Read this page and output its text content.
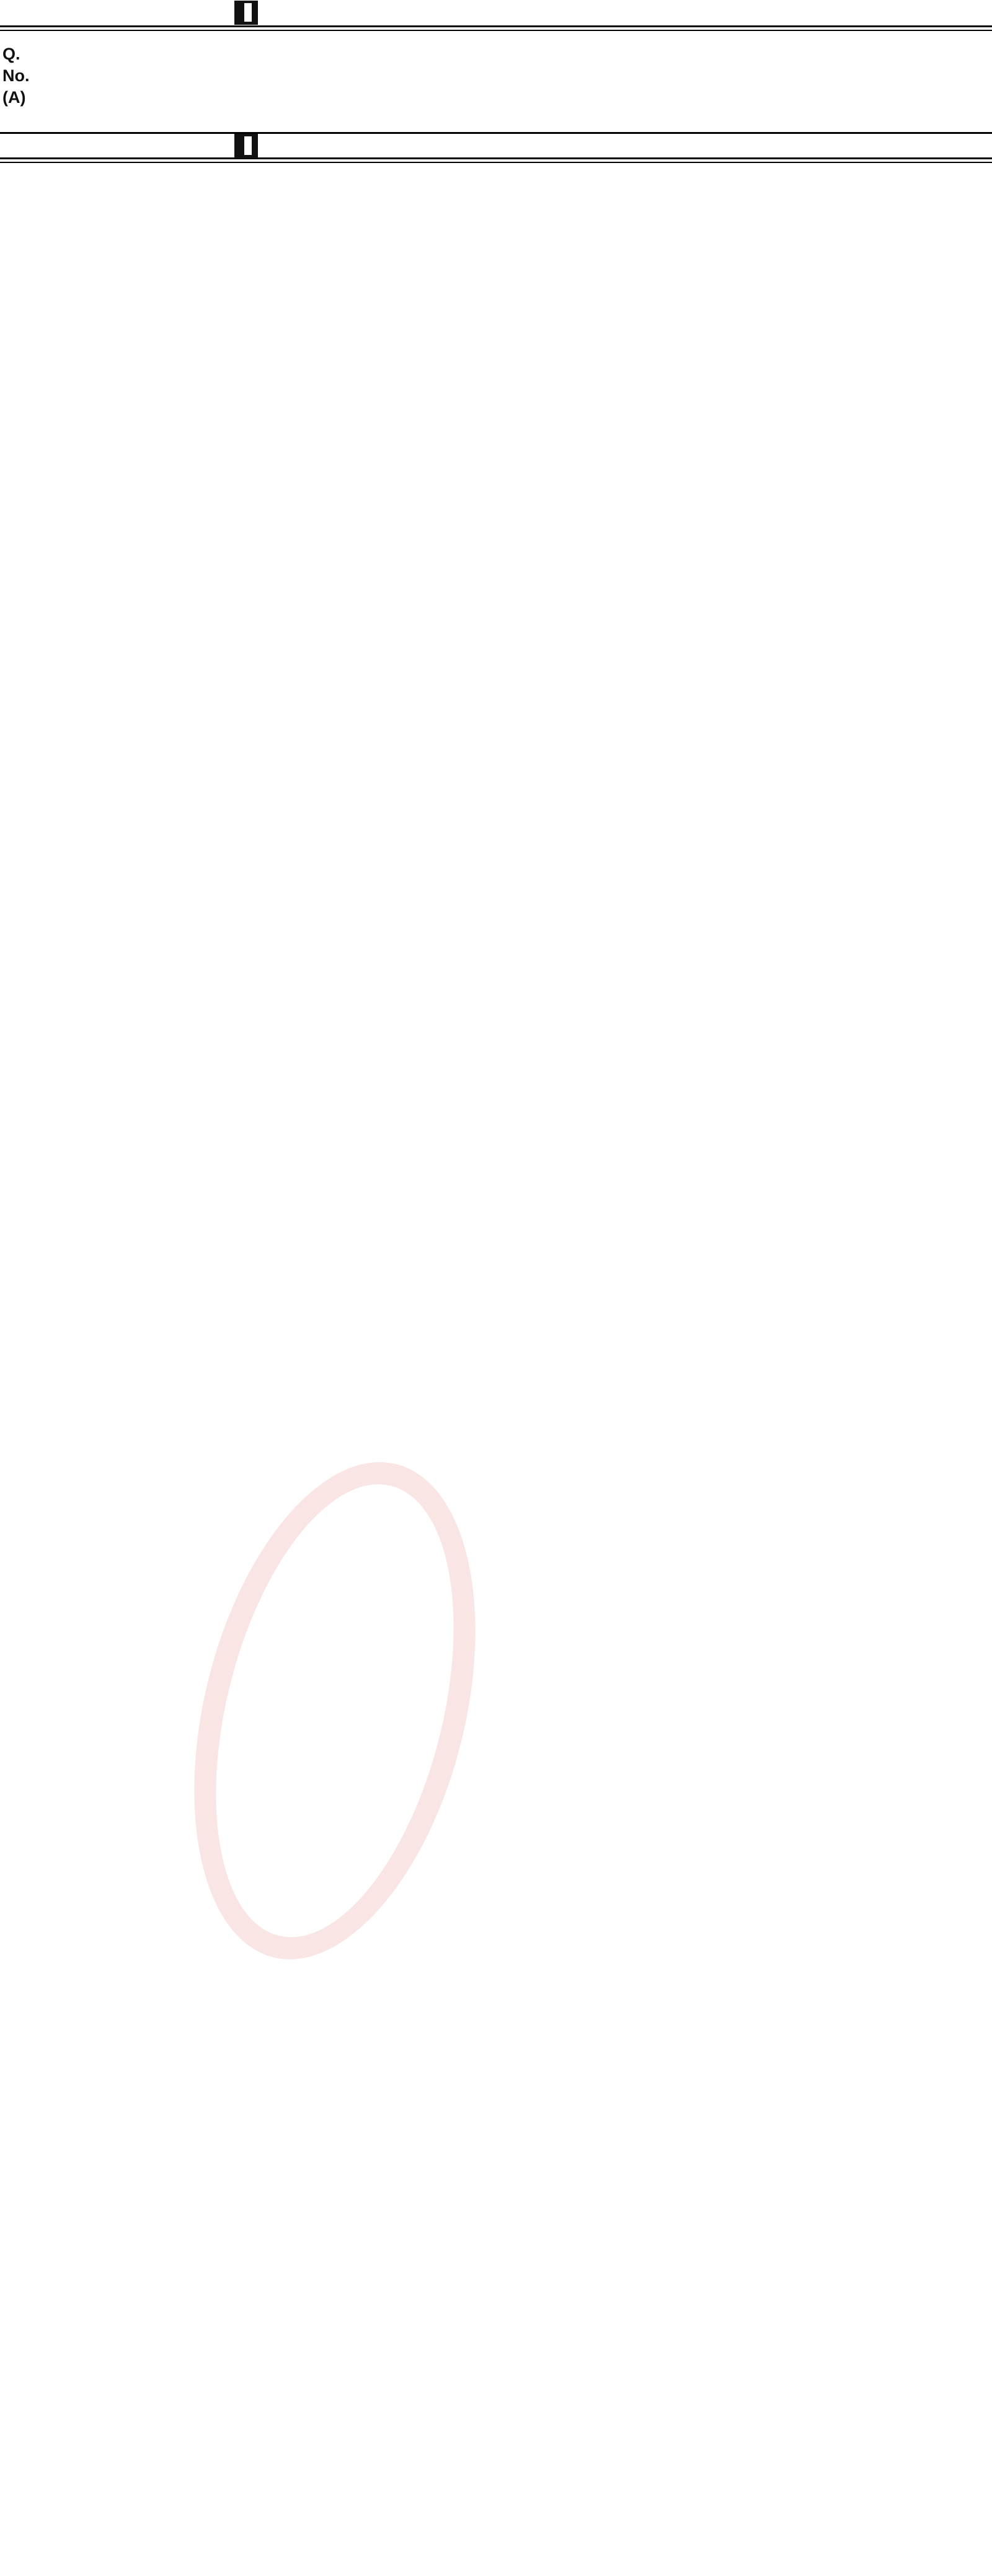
Q. No. (A)
